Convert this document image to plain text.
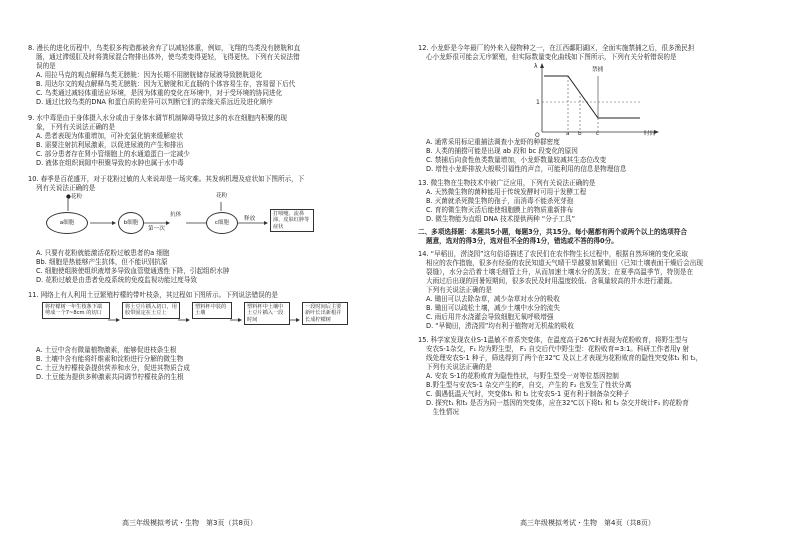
8. 漫长的进化历程中，鸟类很多构造都被舍弃了以减轻体重，例如，飞翔的鸟类没有膀胱和直

肠，通过滞缓肛及时将粪尿混合物排出体外，使鸟类变得更轻，飞得更快。下列有关说法错

误的是

A. 用拉马克的观点解释鸟类无膀胱：因为长期不用膀胱储存尿液导致膀胱退化

B. 用达尔文的观点解释鸟类无膀胱：因为无膀胱和无直肠的个体容易生存，容易留下后代

C. 鸟类通过减轻体重适应环境，是因为体重的变化在环境中，对于受环境的协同进化

D. 通过比较鸟类的DNA 和蛋白质的差异可以判断它们的亲缘关系远近及进化顺序

9. 水中毒是由于身体摄入水分或由于身体水调节机制障碍导致过多的水在细胞内积聚的现

象，下列有关说法正确的是

A. 患者表现为体重增加，可补充氯化钠来缓解症状

B. 需要注射抗利尿激素，以促进尿液的产生和排出

C. 部分患者存在肾小管细胞上的水通道蛋白一定减少

D. 液体在组织间隙中积聚导致的水肿也属于水中毒

10. 春季是百花盛开，对于花粉过敏的人来说却是一场灾难。其发病机理及症状如下图所示，下

列有关说法正确的是

●花粉
a细胞	b细胞
抗体
第一次
c细胞
花粉
释放
打喷嚏、流鼻涕、皮肤红肿等症状

A. 只要有花粉就能激活花粉过敏患者的a 细胞

Bb. 细胞是热能够产生抗体，但不能识别抗原

C. 细胞使组胺使组织液增多导致血管壁通透性下降，引起组织水肿

D. 花粉过敏是由患者免疫系统的免疫监视功能过度导致

11. 网络上有人利用土豆繁殖柠檬的带叶枝条，其过程如下图所示。下列说法错误的是

将柠檬树一年生枝条下端剪成一个7~8cm 的切口
将土豆片插入切口，用胶带固定在土豆上
塑料杯中装的土壤
塑料杯中土壤中土豆片插入一段时间
一段时间后主要新叶长出新根并长成柠檬树

A. 土豆中含有微量植物激素，能够促进枝条生根

B. 土壤中含有能将纤维素和淀粉进行分解的微生物

C. 土豆为柠檬枝条提供营养和水分，促进其物质合成

D. 土豆能为提供多种激素共同调节柠檬枝条的生根

高三年级模拟考试・生物　第3页（共8页）

12. 小龙虾是今年最厂的外来入侵物种之一，在江西鄱阳湖区，全面实施禁捕之后，很多渔民担

心小龙虾很可能会无序繁殖，但实际数量变化曲线如下图所示，下列有关分析错误的是

λ
1
O	a b	c	时间
禁捕

A. 通常采用标记重捕法调查小龙虾的种群密度

B. 人类的捕捞可能是出现 ab 段和 bc 段变化的原因

C. 禁捕后向食性鱼类数量增加，小龙虾数量较减其生态位改变

D. 增性小龙虾排放大般吸引福性的声音，可能利用的信息是物理信息

13. 微生物在生物技术中被广泛应用，下列有关说法正确的是

A. 天然微生物的菌种能用于传统发酵时可用于发酵工程

B. 灭菌就杀死微生物的孢子，而消毒不能杀死芽孢

C. 育的微生物灭活后能使细胞膜上的物质重新排布

D. 微生物能为直组 DNA 技术提供两种 “分子工具”

二、多项选择题：本题共5小题，每题3分，共15分。每小题都有两个或两个以上的选项符合

题意，选对的得3分，选对但不全的得1分，错选或不答的得0分。

14. “早稻田，涝浇园”这句俗语描述了农民们在农作物生长过程中，根据自然环境的变化采取

相应的农作措施，很多有经验的农民知道天气晴干旱越要加紧锄田（已知土壤表面干燥后会出现

裂缝），水分会沿着土壤毛细管上升，从而加速土壤水分的蒸发；在夏季高温季节，特别是在

大雨过后出现的回暑短期间，很多农民及时用温度较低、含氧量较高的井水进行灌溉。

下列有关说法正确的是

A. 锄田可以去除杂草，减少杂草对水分的吸收

B. 锄田可以疏松土壤，减少土壤中水分的流失

C. 雨后用井水浇灌会导致细胞无氧呼吸增强

D. “早锄田，涝浇园”均有利于植物对无机盐的吸收

15. 科学家发现农业S-1温敏不育系突变体，在温度高于26℃时表现为花粉败育，将野生型与

安农S-1杂交，F₁ 均为野生型， F₁ 自交后代中野生型：花粉败育=3:1。科研工作者用γ 射

线处理安农S-1 种子，筛选得到了两个在32℃ 及以上才表现为花粉败育的隐性突变体t₁ 和 t₂，

下列有关说法正确的是

A. 安农 S-1的花粉败育为隐性性状，与野生型受一对等位基因控制

B.野生型与安农S-1 杂交产生的F，自交，产生的 F₂ 也发生了性状分离

C. 偶遇低温天气时，突变体t₁ 和 t₂ 比安农S-1 更有利于制备杂交种子

D. 探究t₁ 和t₂ 是否为同一基因的突变体，应在32℃以下将t₁ 和 t₂ 杂交并统计F₁ 的花粉育

　生性情况

高三年级模拟考试・生物　第4页（共8页）
